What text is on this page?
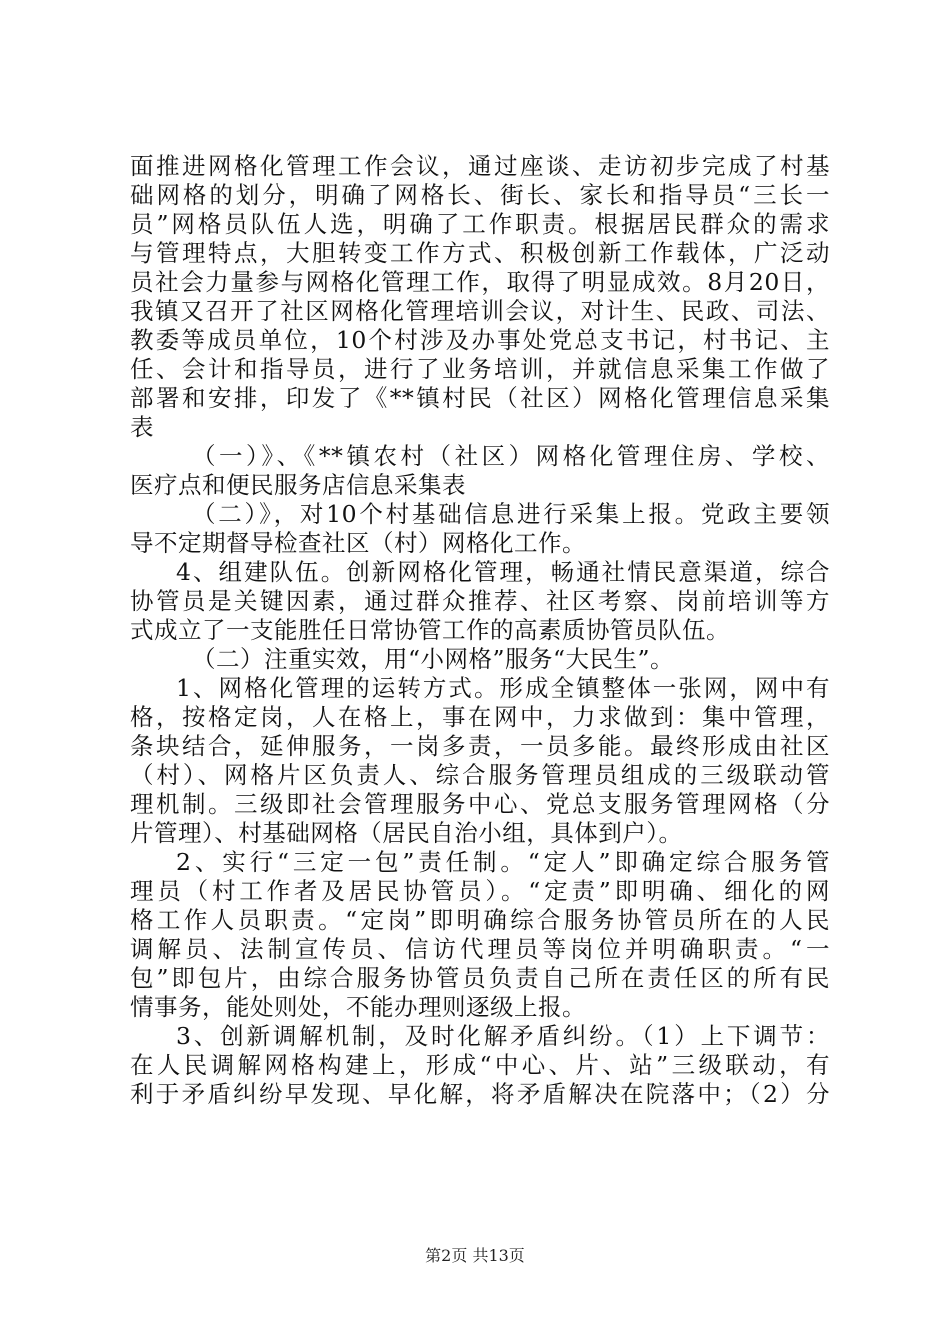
面推进网格化管理工作会议，通过座谈、走访初步完成了村基
础网格的划分，明确了网格长、街长、家长和指导员“三长一
员”网格员队伍人选，明确了工作职责。根据居民群众的需求
与管理特点，大胆转变工作方式、积极创新工作载体，广泛动
员社会力量参与网格化管理工作，取得了明显成效。8月20日，
我镇又召开了社区网格化管理培训会议，对计生、民政、司法、
教委等成员单位，10个村涉及办事处党总支书记，村书记、主
任、会计和指导员，进行了业务培训，并就信息采集工作做了
部署和安排，印发了《**镇村民（社区）网格化管理信息采集
表
（一）》、《**镇农村（社区）网格化管理住房、学校、
医疗点和便民服务店信息采集表
（二）》，对10个村基础信息进行采集上报。党政主要领
导不定期督导检查社区（村）网格化工作。
4、组建队伍。创新网格化管理，畅通社情民意渠道，综合
协管员是关键因素，通过群众推荐、社区考察、岗前培训等方
式成立了一支能胜任日常协管工作的高素质协管员队伍。
（二）注重实效，用“小网格”服务“大民生”。
1、网格化管理的运转方式。形成全镇整体一张网，网中有
格，按格定岗，人在格上，事在网中，力求做到：集中管理，
条块结合，延伸服务，一岗多责，一员多能。最终形成由社区
（村）、网格片区负责人、综合服务管理员组成的三级联动管
理机制。三级即社会管理服务中心、党总支服务管理网格（分
片管理）、村基础网格（居民自治小组，具体到户）。
2、实行“三定一包”责任制。“定人”即确定综合服务管
理员（村工作者及居民协管员）。“定责”即明确、细化的网
格工作人员职责。“定岗”即明确综合服务协管员所在的人民
调解员、法制宣传员、信访代理员等岗位并明确职责。“一
包”即包片，由综合服务协管员负责自己所在责任区的所有民
情事务，能处则处，不能办理则逐级上报。
3、创新调解机制，及时化解矛盾纠纷。（1）上下调节：
在人民调解网格构建上，形成“中心、片、站”三级联动，有
利于矛盾纠纷早发现、早化解，将矛盾解决在院落中；（2）分
第2页 共13页
